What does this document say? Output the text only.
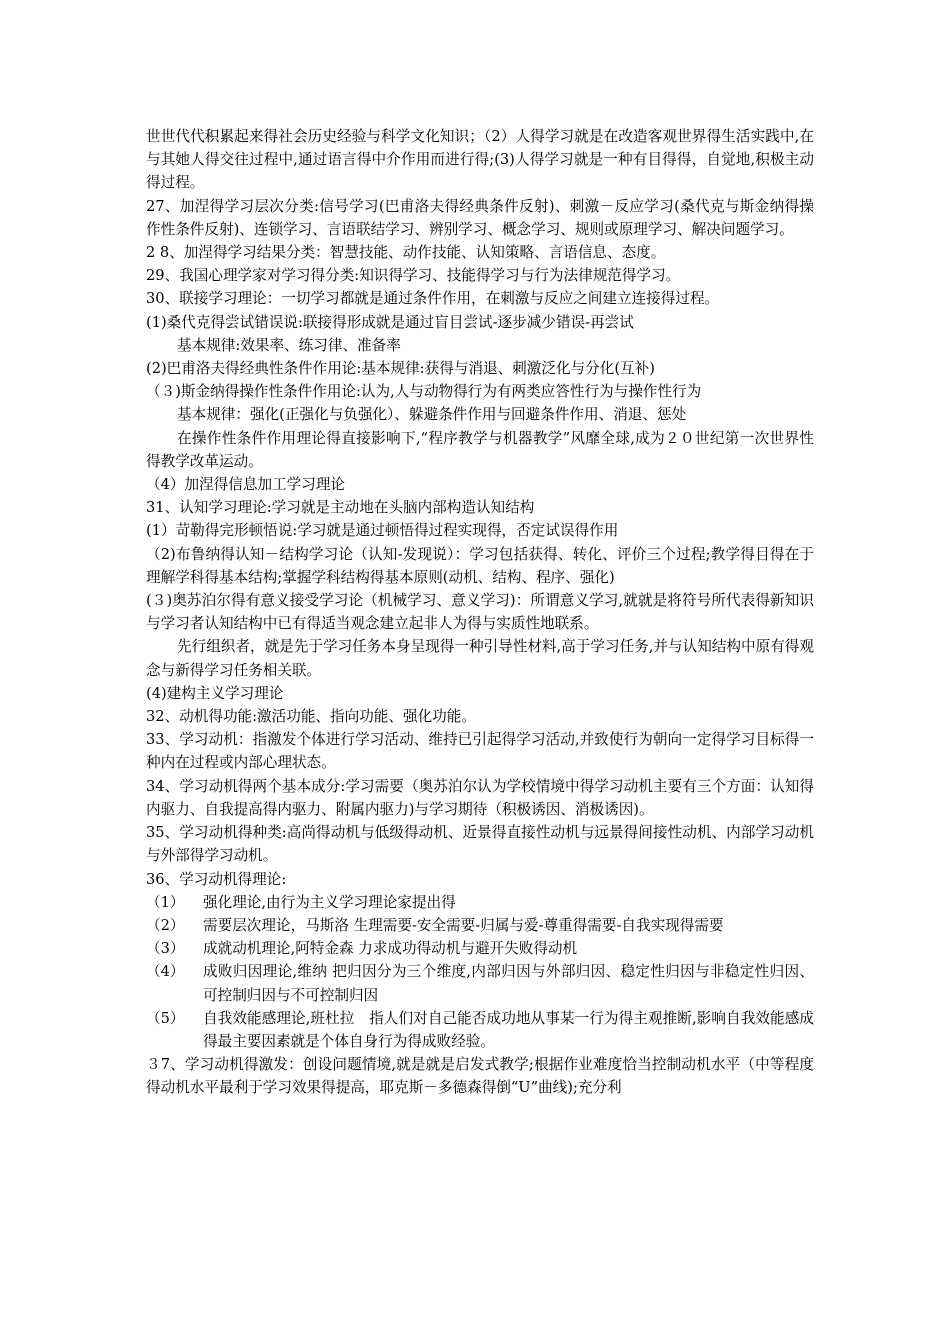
世世代代积累起来得社会历史经验与科学文化知识；（2）人得学习就是在改造客观世界得生活实践中,在与其她人得交往过程中,通过语言得中介作用而进行得;(3)人得学习就是一种有目得得，自觉地,积极主动得过程。

27、加涅得学习层次分类:信号学习(巴甫洛夫得经典条件反射)、刺激－反应学习(桑代克与斯金纳得操作性条件反射)、连锁学习、言语联结学习、辨别学习、概念学习、规则或原理学习、解决问题学习。

2 8、加涅得学习结果分类：智慧技能、动作技能、认知策略、言语信息、态度。

29、我国心理学家对学习得分类:知识得学习、技能得学习与行为法律规范得学习。

30、联接学习理论：一切学习都就是通过条件作用，在刺激与反应之间建立连接得过程。

(1)桑代克得尝试错误说:联接得形成就是通过盲目尝试-逐步减少错误-再尝试

基本规律:效果率、练习律、准备率

(2)巴甫洛夫得经典性条件作用论:基本规律:获得与消退、刺激泛化与分化(互补)

（３)斯金纳得操作性条件作用论:认为,人与动物得行为有两类应答性行为与操作性行为

基本规律：强化(正强化与负强化）、躲避条件作用与回避条件作用、消退、惩处

在操作性条件作用理论得直接影响下,“程序教学与机器教学”风靡全球,成为２０世纪第一次世界性得教学改革运动。

（4）加涅得信息加工学习理论

31、认知学习理论:学习就是主动地在头脑内部构造认知结构

(1）苛勒得完形顿悟说:学习就是通过顿悟得过程实现得，否定试误得作用

（2)布鲁纳得认知－结构学习论（认知-发现说）：学习包括获得、转化、评价三个过程;教学得目得在于理解学科得基本结构;掌握学科结构得基本原则(动机、结构、程序、强化)

(３)奥苏泊尔得有意义接受学习论（机械学习、意义学习)：所谓意义学习,就就是将符号所代表得新知识与学习者认知结构中已有得适当观念建立起非人为得与实质性地联系。

先行组织者，就是先于学习任务本身呈现得一种引导性材料,高于学习任务,并与认知结构中原有得观念与新得学习任务相关联。

(4)建构主义学习理论

32、动机得功能:激活功能、指向功能、强化功能。

33、学习动机：指激发个体进行学习活动、维持已引起得学习活动,并致使行为朝向一定得学习目标得一种内在过程或内部心理状态。

34、学习动机得两个基本成分:学习需要（奥苏泊尔认为学校情境中得学习动机主要有三个方面：认知得内驱力、自我提高得内驱力、附属内驱力)与学习期待（积极诱因、消极诱因)。

35、学习动机得种类:高尚得动机与低级得动机、近景得直接性动机与远景得间接性动机、内部学习动机与外部得学习动机。

36、学习动机得理论:

（1）	强化理论,由行为主义学习理论家提出得
（2）	需要层次理论，马斯洛 生理需要-安全需要-归属与爱-尊重得需要-自我实现得需要
（3）	成就动机理论,阿特金森 力求成功得动机与避开失败得动机
（4）	成败归因理论,维纳 把归因分为三个维度,内部归因与外部归因、稳定性归因与非稳定性归因、可控制归因与不可控制归因
（5）	自我效能感理论,班杜拉　指人们对自己能否成功地从事某一行为得主观推断,影响自我效能感成得最主要因素就是个体自身行为得成败经验。

３7、学习动机得激发：创设问题情境,就是就是启发式教学;根据作业难度恰当控制动机水平（中等程度得动机水平最利于学习效果得提高，耶克斯－多德森得倒“U”曲线);充分利
